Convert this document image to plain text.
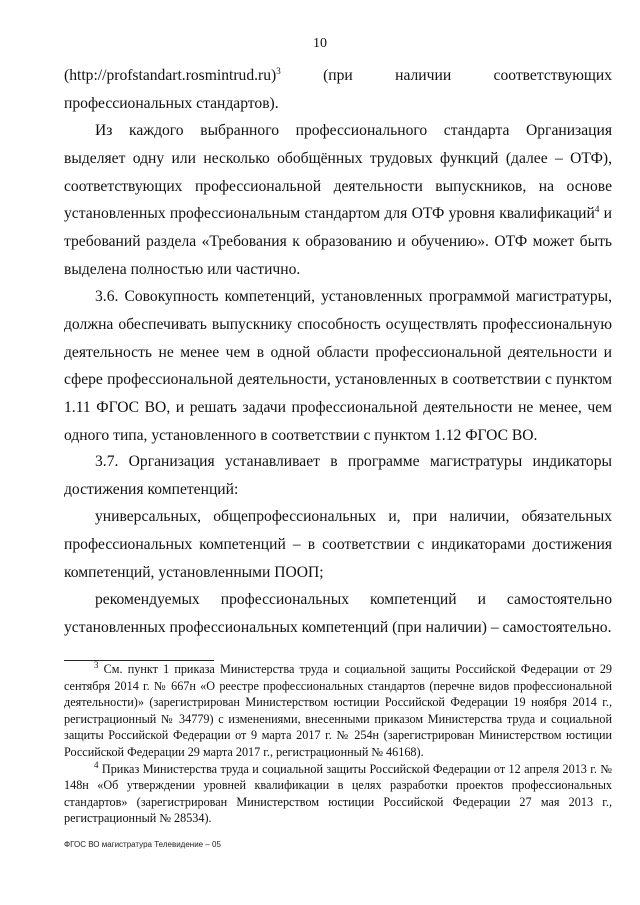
10

(http://profstandart.rosmintrud.ru)$^3$ (при наличии соответствующих профессиональных стандартов).

Из каждого выбранного профессионального стандарта Организация выделяет одну или несколько обобщённых трудовых функций (далее – ОТФ), соответствующих профессиональной деятельности выпускников, на основе установленных профессиональным стандартом для ОТФ уровня квалификаций$^4$ и требований раздела «Требования к образованию и обучению». ОТФ может быть выделена полностью или частично.

3.6. Совокупность компетенций, установленных программой магистратуры, должна обеспечивать выпускнику способность осуществлять профессиональную деятельность не менее чем в одной области профессиональной деятельности и сфере профессиональной деятельности, установленных в соответствии с пунктом 1.11 ФГОС ВО, и решать задачи профессиональной деятельности не менее, чем одного типа, установленного в соответствии с пунктом 1.12 ФГОС ВО.

3.7. Организация устанавливает в программе магистратуры индикаторы достижения компетенций:

универсальных, общепрофессиональных и, при наличии, обязательных профессиональных компетенций – в соответствии с индикаторами достижения компетенций, установленными ПООП;

рекомендуемых профессиональных компетенций и самостоятельно установленных профессиональных компетенций (при наличии) – самостоятельно.

$^3$ См. пункт 1 приказа Министерства труда и социальной защиты Российской Федерации от 29 сентября 2014 г. № 667н «О реестре профессиональных стандартов (перечне видов профессиональной деятельности)» (зарегистрирован Министерством юстиции Российской Федерации 19 ноября 2014 г., регистрационный № 34779) с изменениями, внесенными приказом Министерства труда и социальной защиты Российской Федерации от 9 марта 2017 г. № 254н (зарегистрирован Министерством юстиции Российской Федерации 29 марта 2017 г., регистрационный № 46168).

$^4$ Приказ Министерства труда и социальной защиты Российской Федерации от 12 апреля 2013 г. № 148н «Об утверждении уровней квалификации в целях разработки проектов профессиональных стандартов» (зарегистрирован Министерством юстиции Российской Федерации 27 мая 2013 г., регистрационный № 28534).

ФГОС ВО магистратура Телевидение – 05
